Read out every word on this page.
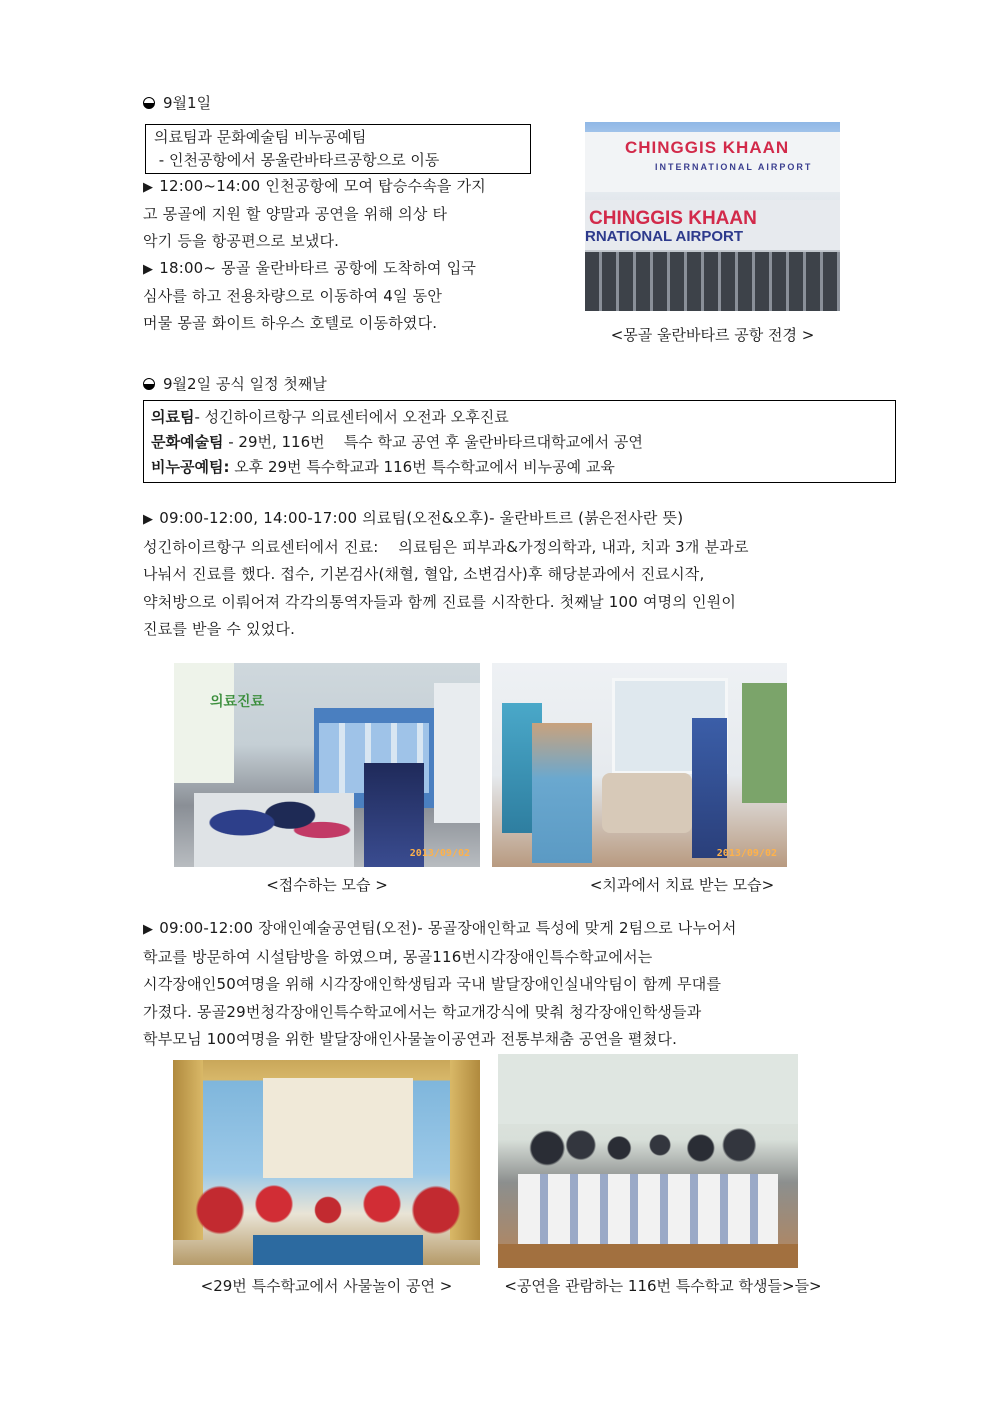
9월1일
의료팀과 문화예술팀 비누공예팀
- 인천공항에서 몽울란바타르공항으로 이동
▶ 12:00~14:00 인천공항에 모여 탑승수속을 가지
고 몽골에 지원 할 양말과 공연을 위해 의상 타
악기 등을 항공편으로 보냈다.
▶ 18:00~ 몽골 울란바타르 공항에 도착하여 입국
심사를 하고 전용차량으로 이동하여 4일 동안
머물 몽골 화이트 하우스 호텔로 이동하였다.
CHINGGIS KHAAN
INTERNATIONAL AIRPORT
CHINGGIS KHAAN
RNATIONAL AIRPORT
<몽골 울란바타르 공항 전경 >
9월2일 공식 일정 첫째날
의료팀- 성긴하이르항구 의료센터에서 오전과 오후진료
문화예술팀 - 29번, 116번    특수 학교 공연 후 울란바타르대학교에서 공연
비누공예팀: 오후 29번 특수학교과 116번 특수학교에서 비누공예 교육
▶ 09:00-12:00, 14:00-17:00 의료팀(오전&오후)- 울란바트르 (붉은전사란 뜻)
성긴하이르항구 의료센터에서 진료:    의료팀은 피부과&가정의학과, 내과, 치과 3개 분과로
나눠서 진료를 했다. 접수, 기본검사(채혈, 혈압, 소변검사)후 해당분과에서 진료시작,
약처방으로 이뤄어져 각각의통역자들과 함께 진료를 시작한다. 첫째날 100 여명의 인원이
진료를 받을 수 있었다.
의료진료
2013/09/02
<접수하는 모습 >
2013/09/02
<치과에서 치료 받는 모습>
▶ 09:00-12:00 장애인예술공연팀(오전)- 몽골장애인학교 특성에 맞게 2팀으로 나누어서
학교를 방문하여 시설탐방을 하였으며, 몽골116번시각장애인특수학교에서는
시각장애인50여명을 위해 시각장애인학생팀과 국내 발달장애인실내악팀이 함께 무대를
가졌다. 몽골29번청각장애인특수학교에서는 학교개강식에 맞춰 청각장애인학생들과
학부모님 100여명을 위한 발달장애인사물놀이공연과 전통부채춤 공연을 펼쳤다.
<29번 특수학교에서 사물놀이 공연 >	<공연을 관람하는 116번 특수학교 학생들>들>
